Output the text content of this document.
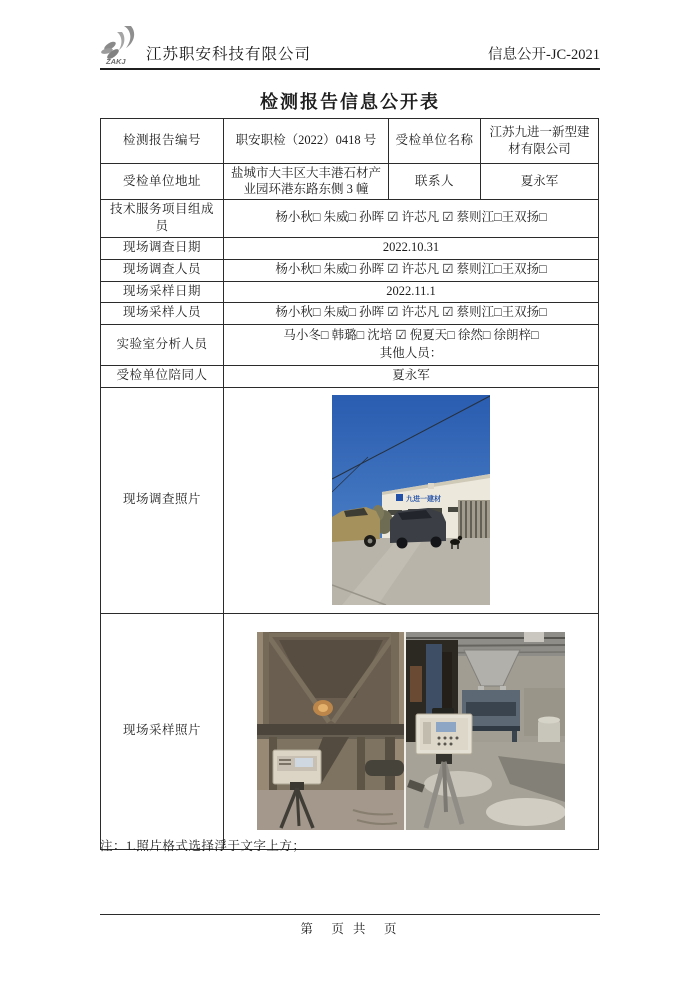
ZAKJ 江苏职安科技有限公司	信息公开-JC-2021
检测报告信息公开表
检测报告编号	职安职检（2022）0418 号	受检单位名称	江苏九进一新型建材有限公司
受检单位地址	盐城市大丰区大丰港石材产业园环港东路东侧 3 幢	联系人	夏永军
技术服务项目组成员	杨小秋□ 朱威□ 孙晖 ☑ 许芯凡 ☑ 蔡则江□王双扬□		
现场调查日期	2022.10.31		
现场调查人员	杨小秋□ 朱威□ 孙晖 ☑ 许芯凡 ☑ 蔡则江□王双扬□		
现场采样日期	2022.11.1		
现场采样人员	杨小秋□ 朱威□ 孙晖 ☑ 许芯凡 ☑ 蔡则江□王双扬□		
实验室分析人员	马小冬□ 韩璐□ 沈培 ☑ 倪夏天□ 徐然□ 徐朗梓□
其他人员：		

受检单位陪同人	夏永军		
现场调查照片	九进一建材		

现场采样照片	
注：1.照片格式选择浮于文字上方；
第　页 共　页
